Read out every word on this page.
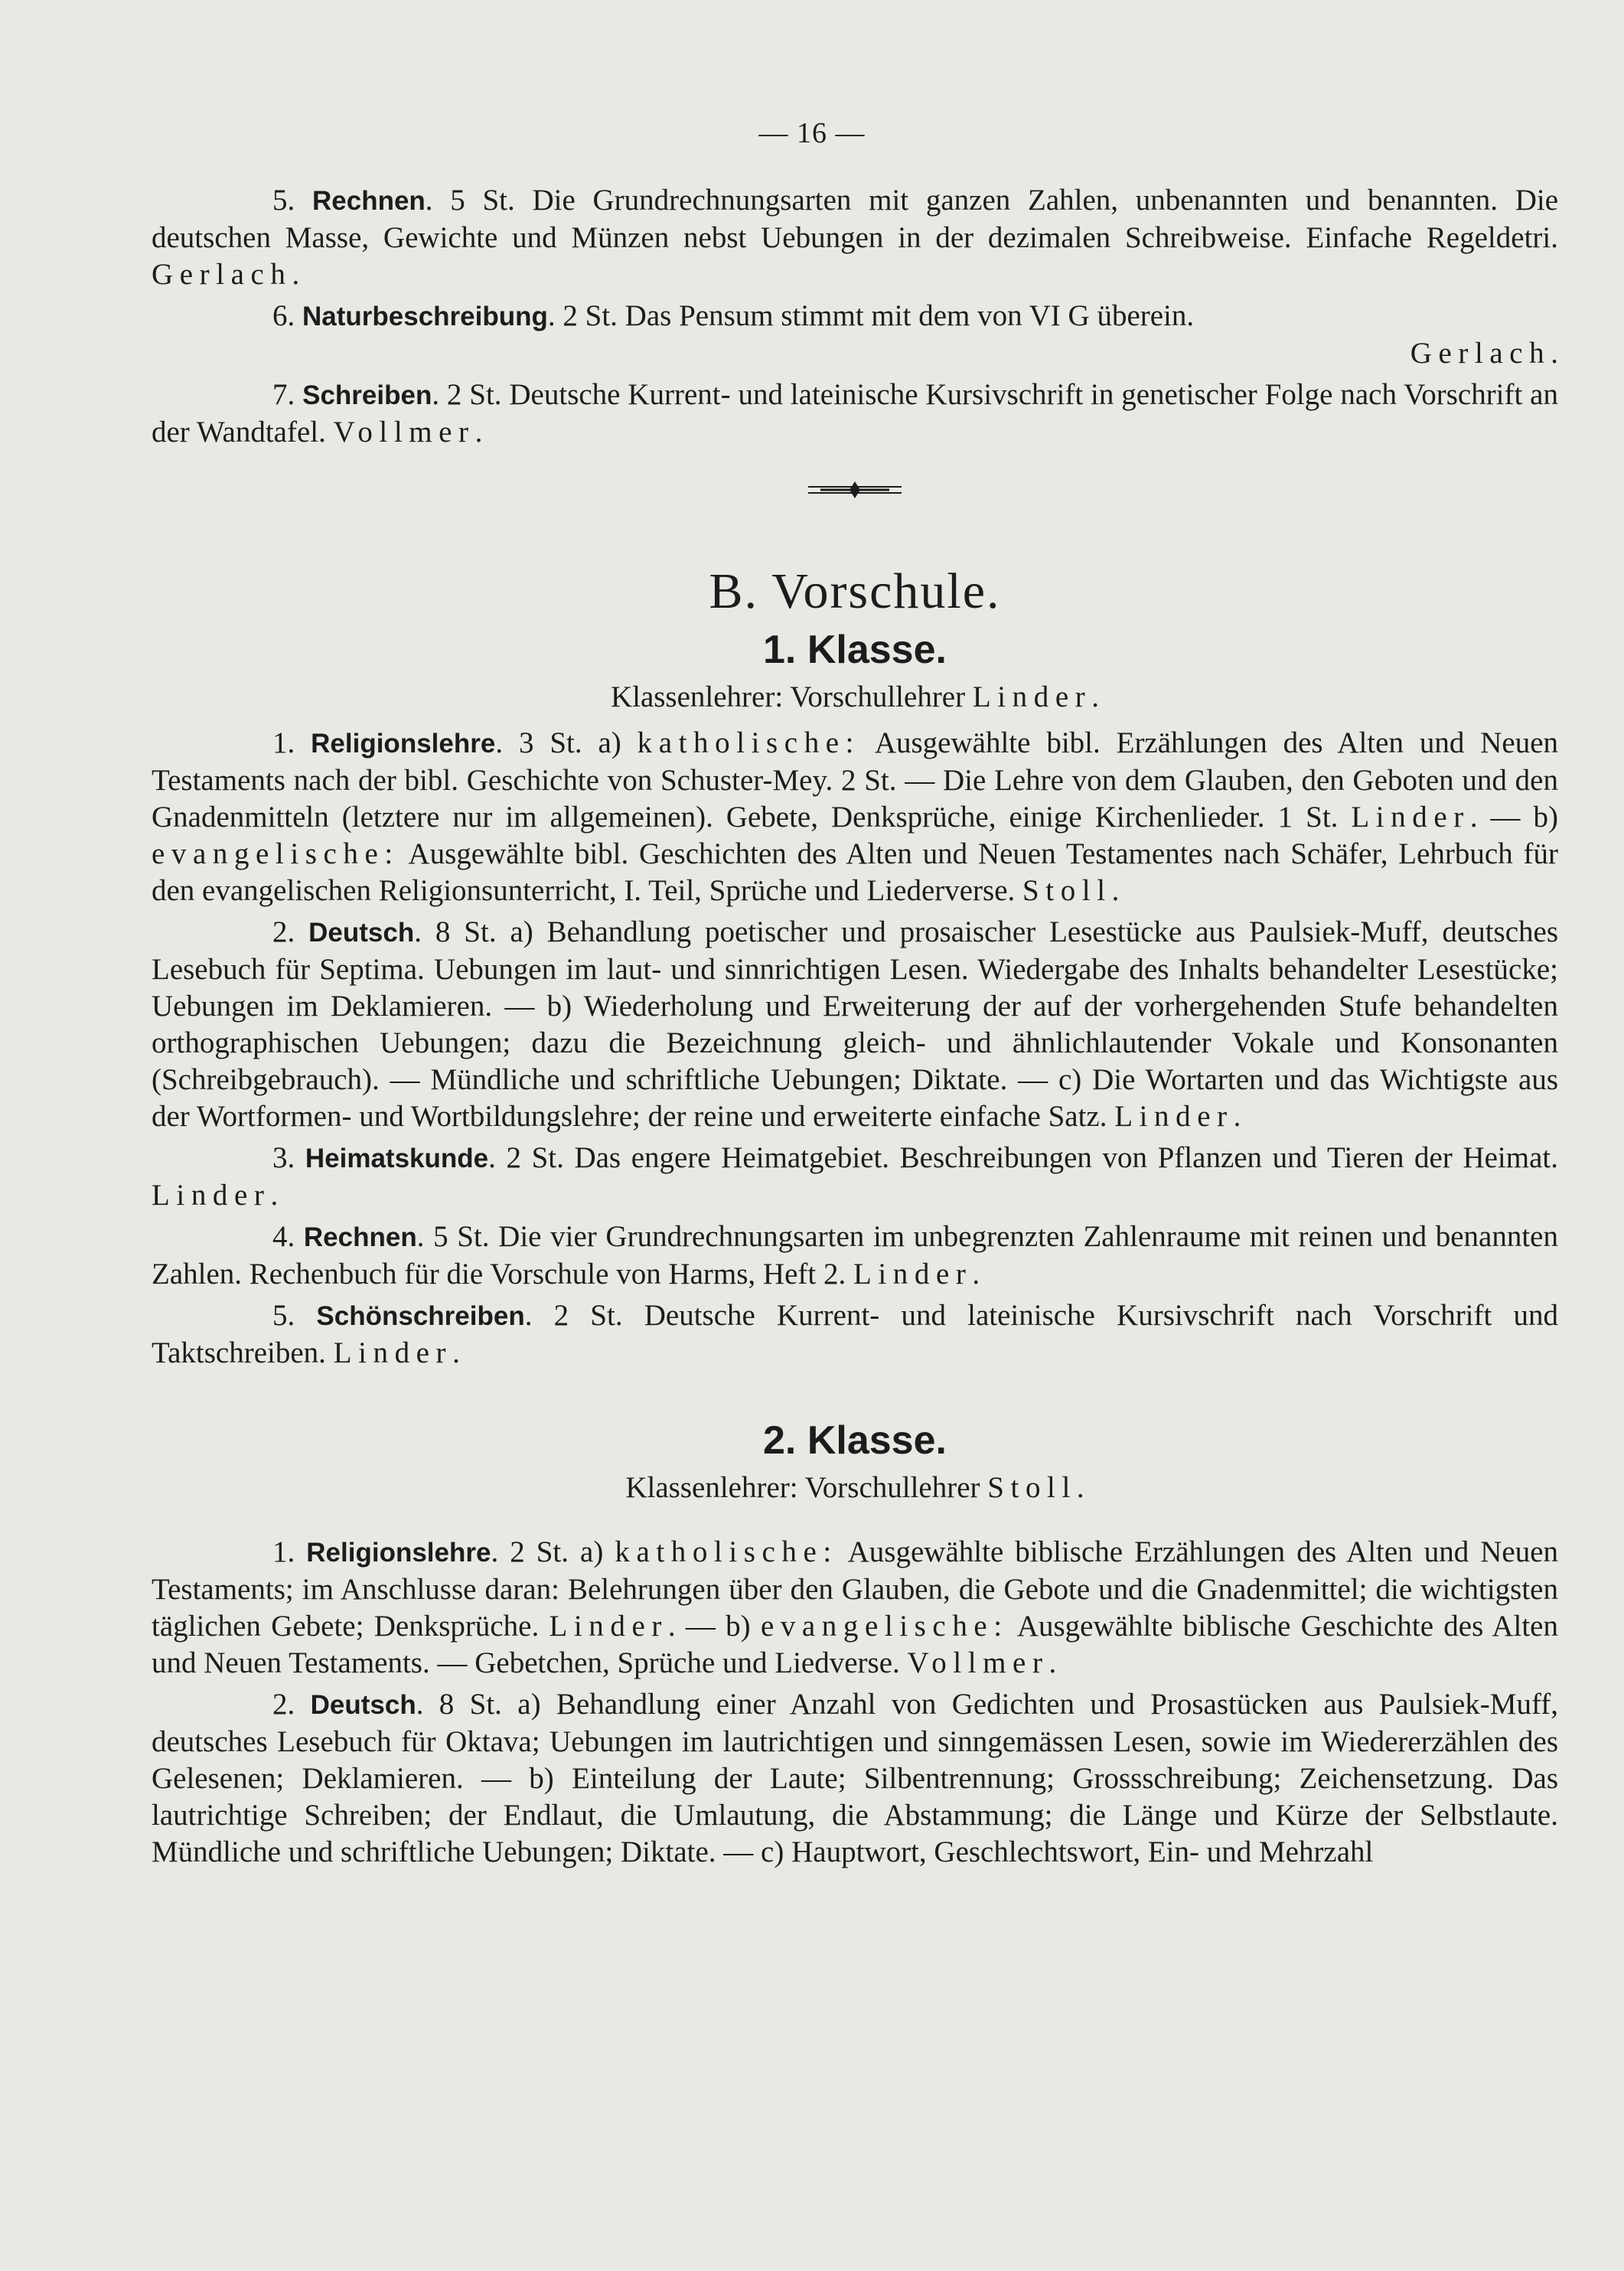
— 16 —

5. Rechnen. 5 St. Die Grundrechnungsarten mit ganzen Zahlen, unbenannten und benannten. Die deutschen Masse, Gewichte und Münzen nebst Uebungen in der dezimalen Schreibweise. Einfache Regeldetri. Gerlach.

6. Naturbeschreibung. 2 St. Das Pensum stimmt mit dem von VI G überein.

Gerlach.

7. Schreiben. 2 St. Deutsche Kurrent- und lateinische Kursivschrift in genetischer Folge nach Vorschrift an der Wandtafel. Vollmer.

B. Vorschule.
1. Klasse.
Klassenlehrer: Vorschullehrer Linder.

1. Religionslehre. 3 St. a) katholische: Ausgewählte bibl. Erzählungen des Alten und Neuen Testaments nach der bibl. Geschichte von Schuster-Mey. 2 St. — Die Lehre von dem Glauben, den Geboten und den Gnadenmitteln (letztere nur im allgemeinen). Gebete, Denksprüche, einige Kirchenlieder. 1 St. Linder. — b) evangelische: Ausgewählte bibl. Geschichten des Alten und Neuen Testamentes nach Schäfer, Lehrbuch für den evangelischen Religionsunterricht, I. Teil, Sprüche und Liederverse. Stoll.

2. Deutsch. 8 St. a) Behandlung poetischer und prosaischer Lesestücke aus Paulsiek-Muff, deutsches Lesebuch für Septima. Uebungen im laut- und sinnrichtigen Lesen. Wiedergabe des Inhalts behandelter Lesestücke; Uebungen im Deklamieren. — b) Wiederholung und Erweiterung der auf der vorhergehenden Stufe behandelten orthographischen Uebungen; dazu die Bezeichnung gleich- und ähnlichlautender Vokale und Konsonanten (Schreibgebrauch). — Mündliche und schriftliche Uebungen; Diktate. — c) Die Wortarten und das Wichtigste aus der Wortformen- und Wortbildungslehre; der reine und erweiterte einfache Satz. Linder.

3. Heimatskunde. 2 St. Das engere Heimatgebiet. Beschreibungen von Pflanzen und Tieren der Heimat. Linder.

4. Rechnen. 5 St. Die vier Grundrechnungsarten im unbegrenzten Zahlenraume mit reinen und benannten Zahlen. Rechenbuch für die Vorschule von Harms, Heft 2. Linder.

5. Schönschreiben. 2 St. Deutsche Kurrent- und lateinische Kursivschrift nach Vorschrift und Taktschreiben. Linder.

2. Klasse.
Klassenlehrer: Vorschullehrer Stoll.

1. Religionslehre. 2 St. a) katholische: Ausgewählte biblische Erzählungen des Alten und Neuen Testaments; im Anschlusse daran: Belehrungen über den Glauben, die Gebote und die Gnadenmittel; die wichtigsten täglichen Gebete; Denksprüche. Linder. — b) evangelische: Ausgewählte biblische Geschichte des Alten und Neuen Testaments. — Gebetchen, Sprüche und Liedverse. Vollmer.

2. Deutsch. 8 St. a) Behandlung einer Anzahl von Gedichten und Prosastücken aus Paulsiek-Muff, deutsches Lesebuch für Oktava; Uebungen im lautrichtigen und sinngemässen Lesen, sowie im Wiedererzählen des Gelesenen; Deklamieren. — b) Einteilung der Laute; Silbentrennung; Grossschreibung; Zeichensetzung. Das lautrichtige Schreiben; der Endlaut, die Umlautung, die Abstammung; die Länge und Kürze der Selbstlaute. Mündliche und schriftliche Uebungen; Diktate. — c) Hauptwort, Geschlechtswort, Ein- und Mehrzahl
